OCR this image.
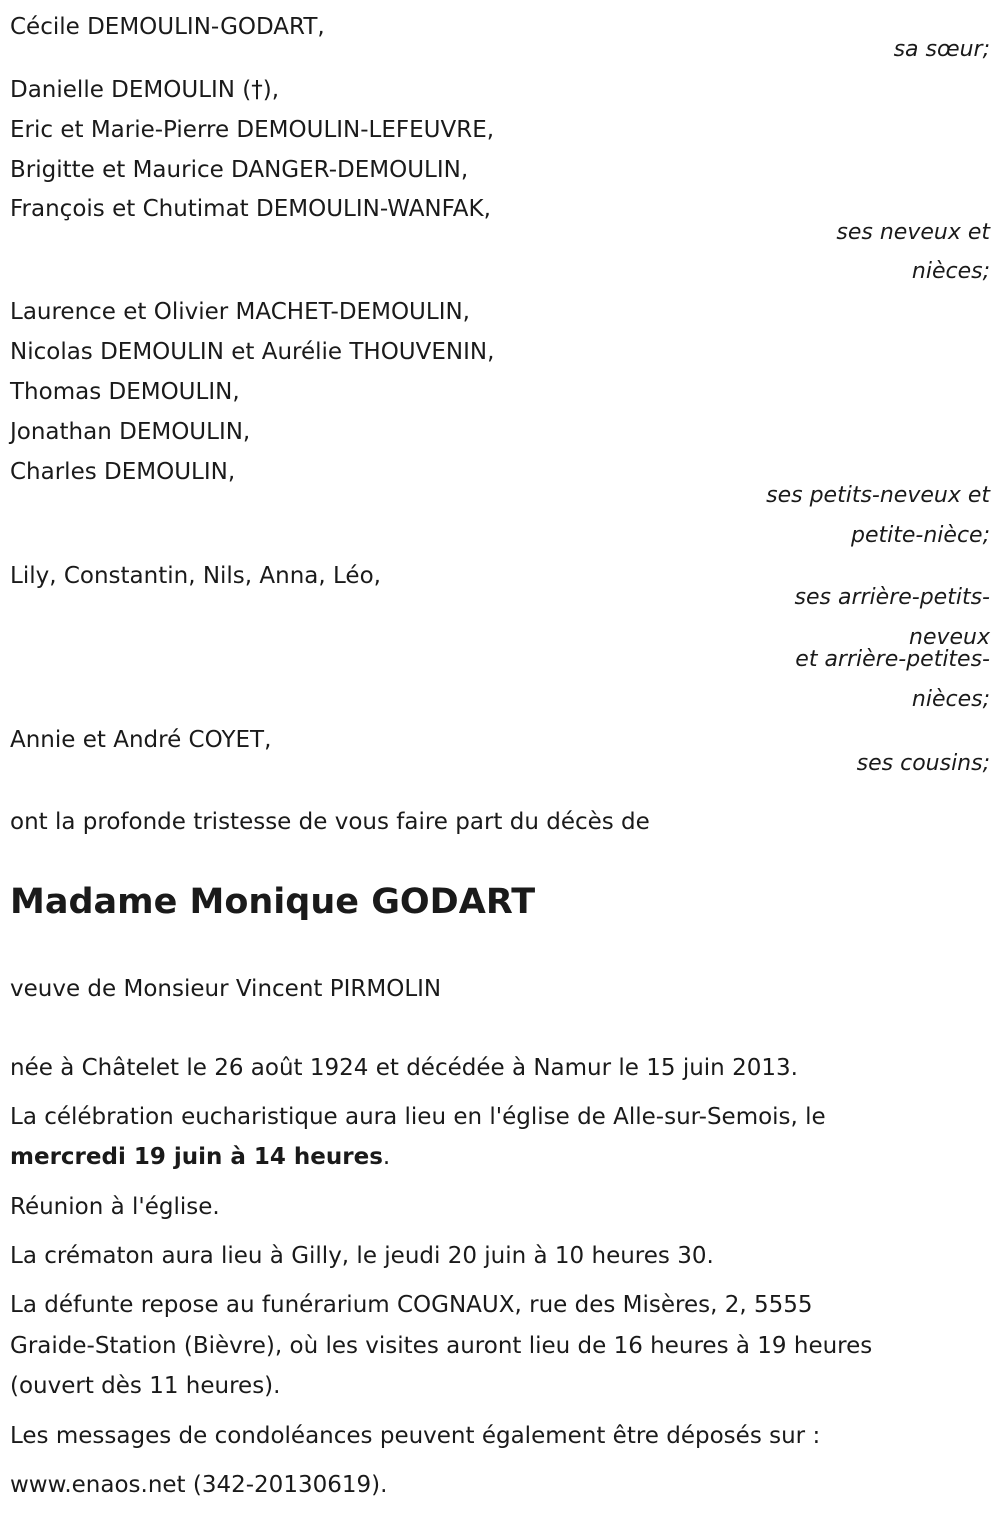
Cécile DEMOULIN-GODART,
sa sœur;
Danielle DEMOULIN (†),
Eric et Marie-Pierre DEMOULIN-LEFEUVRE,
Brigitte et Maurice DANGER-DEMOULIN,
François et Chutimat DEMOULIN-WANFAK,
ses neveux et
nièces;
Laurence et Olivier MACHET-DEMOULIN,
Nicolas DEMOULIN et Aurélie THOUVENIN,
Thomas DEMOULIN,
Jonathan DEMOULIN,
Charles DEMOULIN,
ses petits-neveux et
petite-nièce;
Lily, Constantin, Nils, Anna, Léo,
ses arrière-petits-
neveux
et arrière-petites-
nièces;
Annie et André COYET,
ses cousins;
ont la profonde tristesse de vous faire part du décès de
Madame Monique GODART
veuve de Monsieur Vincent PIRMOLIN
née à Châtelet le 26 août 1924 et décédée à Namur le 15 juin 2013.
La célébration eucharistique aura lieu en l'église de Alle-sur-Semois, le
mercredi 19 juin à 14 heures.
Réunion à l'église.
La crématon aura lieu à Gilly, le jeudi 20 juin à 10 heures 30.
La défunte repose au funérarium COGNAUX, rue des Misères, 2, 5555
Graide-Station (Bièvre), où les visites auront lieu de 16 heures à 19 heures
(ouvert dès 11 heures).
Les messages de condoléances peuvent également être déposés sur :
www.enaos.net (342-20130619).
